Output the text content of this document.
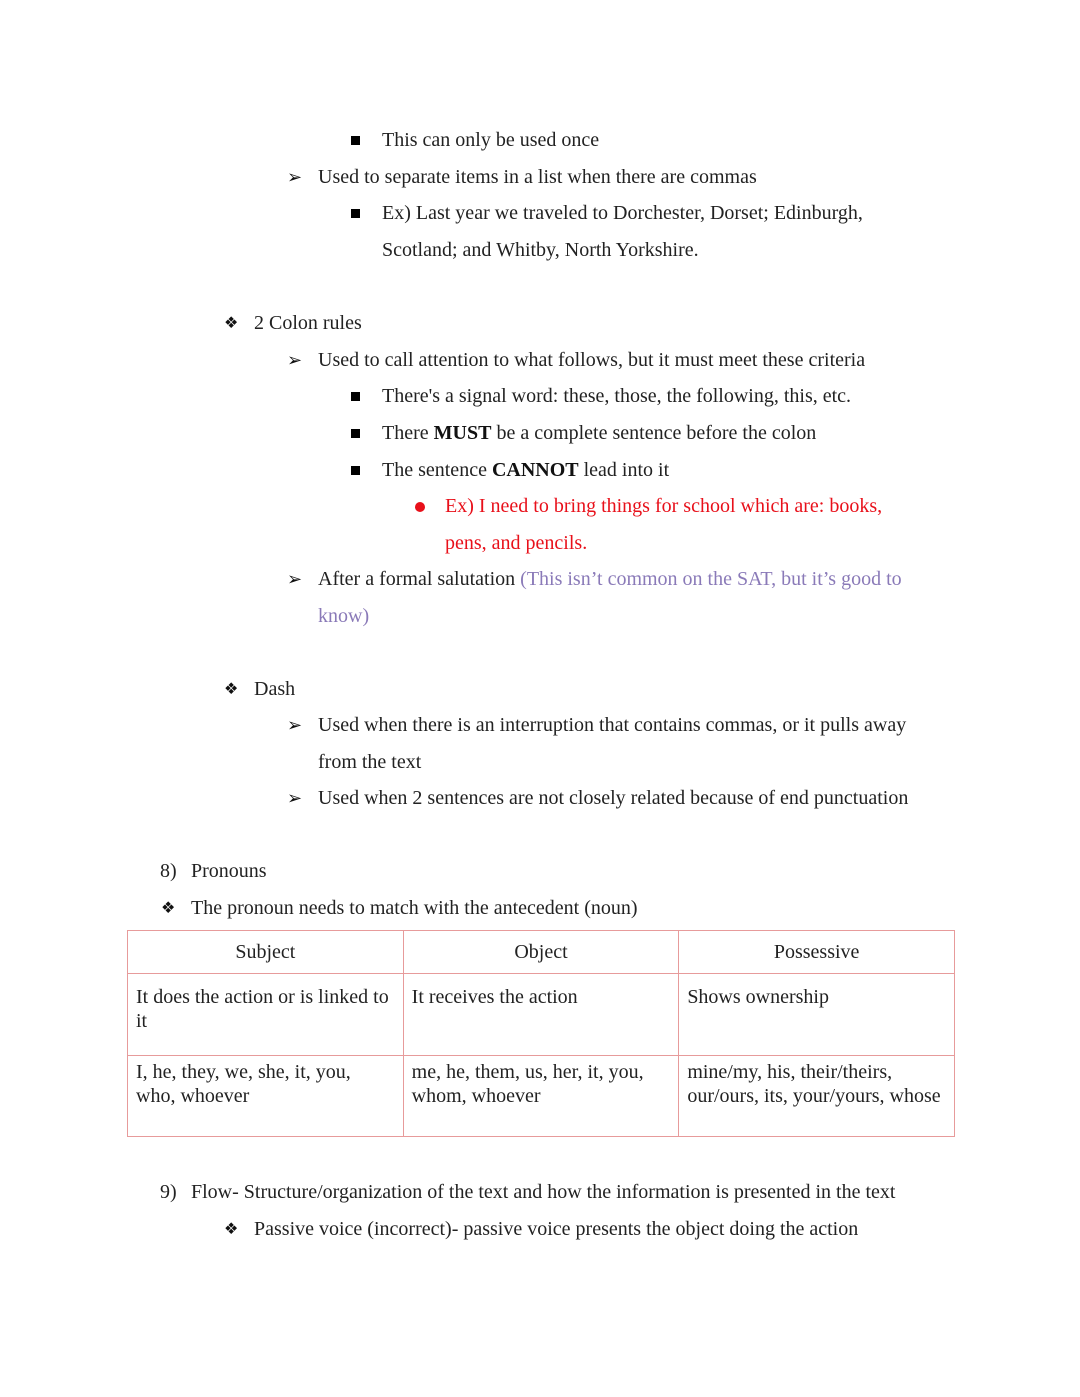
This can only be used once
➢ Used to separate items in a list when there are commas
Ex) Last year we traveled to Dorchester, Dorset; Edinburgh,
Scotland; and Whitby, North Yorkshire.
❖ 2 Colon rules
➢ Used to call attention to what follows, but it must meet these criteria
There's a signal word: these, those, the following, this, etc.
There MUST be a complete sentence before the colon
The sentence CANNOT lead into it
Ex) I need to bring things for school which are: books,
pens, and pencils.
➢ After a formal salutation (This isn’t common on the SAT, but it’s good to
know)
❖ Dash
➢ Used when there is an interruption that contains commas, or it pulls away
from the text
➢ Used when 2 sentences are not closely related because of end punctuation
8) Pronouns
❖ The pronoun needs to match with the antecedent (noun)
Subject	Object	Possessive
It does the action or is linked to it	It receives the action	Shows ownership
I, he, they, we, she, it, you, who, whoever	me, he, them, us, her, it, you, whom, whoever	mine/my, his, their/theirs, our/ours, its, your/yours, whose
9) Flow- Structure/organization of the text and how the information is presented in the text
❖ Passive voice (incorrect)- passive voice presents the object doing the action
